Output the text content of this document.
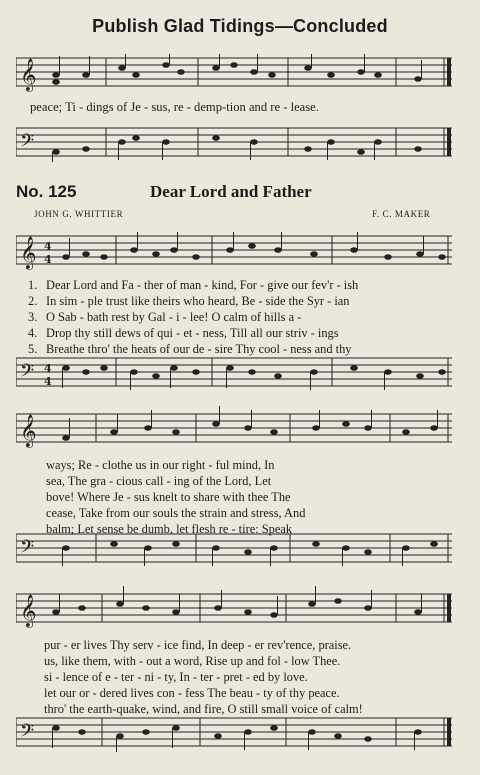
Publish Glad Tidings—Concluded
𝄞
peace; Ti - dings of Je - sus, re - demp-tion and re - lease.
𝄢
No. 125	Dear Lord and Father
JOHN G. WHITTIER	F. C. MAKER
𝄞 4
4
1. Dear Lord and Fa - ther of man - kind, For - give our fev'r - ish
2. In sim - ple trust like theirs who heard, Be - side the Syr - ian
3. O Sab - bath rest by Gal - i - lee! O calm of hills a -
4. Drop thy still dews of qui - et - ness, Till all our striv - ings
5. Breathe thro' the heats of our de - sire Thy cool - ness and thy
𝄢 4
4
𝄞
ways; Re - clothe us in our right - ful mind, In
sea, The gra - cious call - ing of the Lord, Let
bove! Where Je - sus knelt to share with thee The
cease, Take from our souls the strain and stress, And
balm; Let sense be dumb, let flesh re - tire: Speak
𝄢
𝄞
pur - er lives Thy serv - ice find, In deep - er rev'rence, praise.
us, like them, with - out a word, Rise up and fol - low Thee.
si - lence of e - ter - ni - ty, In - ter - pret - ed by love.
let our or - dered lives con - fess The beau - ty of thy peace.
thro' the earth-quake, wind, and fire, O still small voice of calm!
𝄢
